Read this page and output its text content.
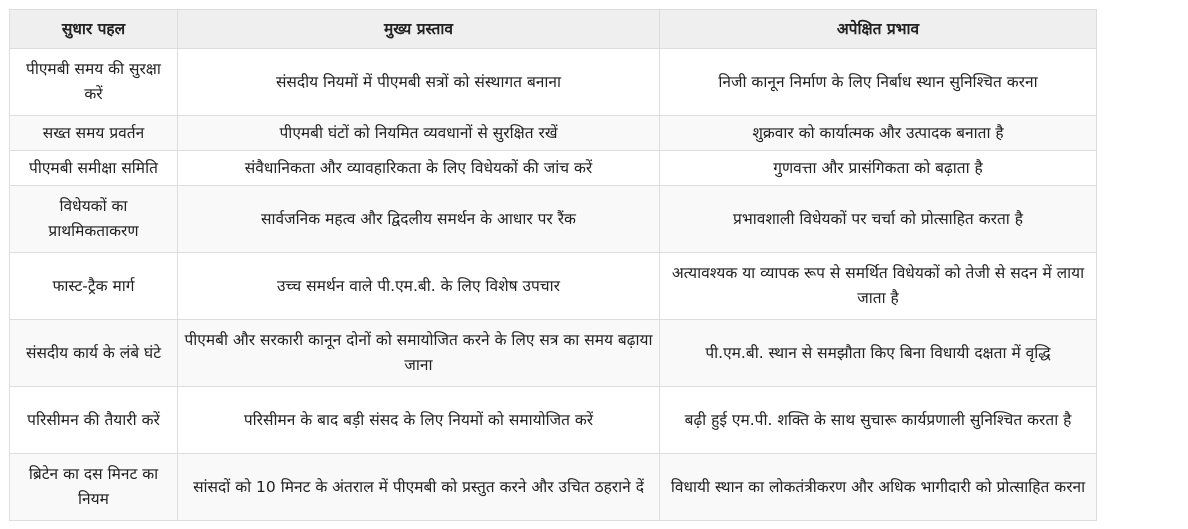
सुधार पहल	मुख्य प्रस्ताव	अपेक्षित प्रभाव
पीएमबी समय की सुरक्षा करें	संसदीय नियमों में पीएमबी सत्रों को संस्थागत बनाना	निजी कानून निर्माण के लिए निर्बाध स्थान सुनिश्चित करना
सख्त समय प्रवर्तन	पीएमबी घंटों को नियमित व्यवधानों से सुरक्षित रखें	शुक्रवार को कार्यात्मक और उत्पादक बनाता है
पीएमबी समीक्षा समिति	संवैधानिकता और व्यावहारिकता के लिए विधेयकों की जांच करें	गुणवत्ता और प्रासंगिकता को बढ़ाता है
विधेयकों का प्राथमिकताकरण	सार्वजनिक महत्व और द्विदलीय समर्थन के आधार पर रैंक	प्रभावशाली विधेयकों पर चर्चा को प्रोत्साहित करता है
फास्ट-ट्रैक मार्ग	उच्च समर्थन वाले पी.एम.बी. के लिए विशेष उपचार	अत्यावश्यक या व्यापक रूप से समर्थित विधेयकों को तेजी से सदन में लाया जाता है
संसदीय कार्य के लंबे घंटे	पीएमबी और सरकारी कानून दोनों को समायोजित करने के लिए सत्र का समय बढ़ाया जाना	पी.एम.बी. स्थान से समझौता किए बिना विधायी दक्षता में वृद्धि
परिसीमन की तैयारी करें	परिसीमन के बाद बड़ी संसद के लिए नियमों को समायोजित करें	बढ़ी हुई एम.पी. शक्ति के साथ सुचारू कार्यप्रणाली सुनिश्चित करता है
ब्रिटेन का दस मिनट का नियम	सांसदों को 10 मिनट के अंतराल में पीएमबी को प्रस्तुत करने और उचित ठहराने दें	विधायी स्थान का लोकतंत्रीकरण और अधिक भागीदारी को प्रोत्साहित करना
